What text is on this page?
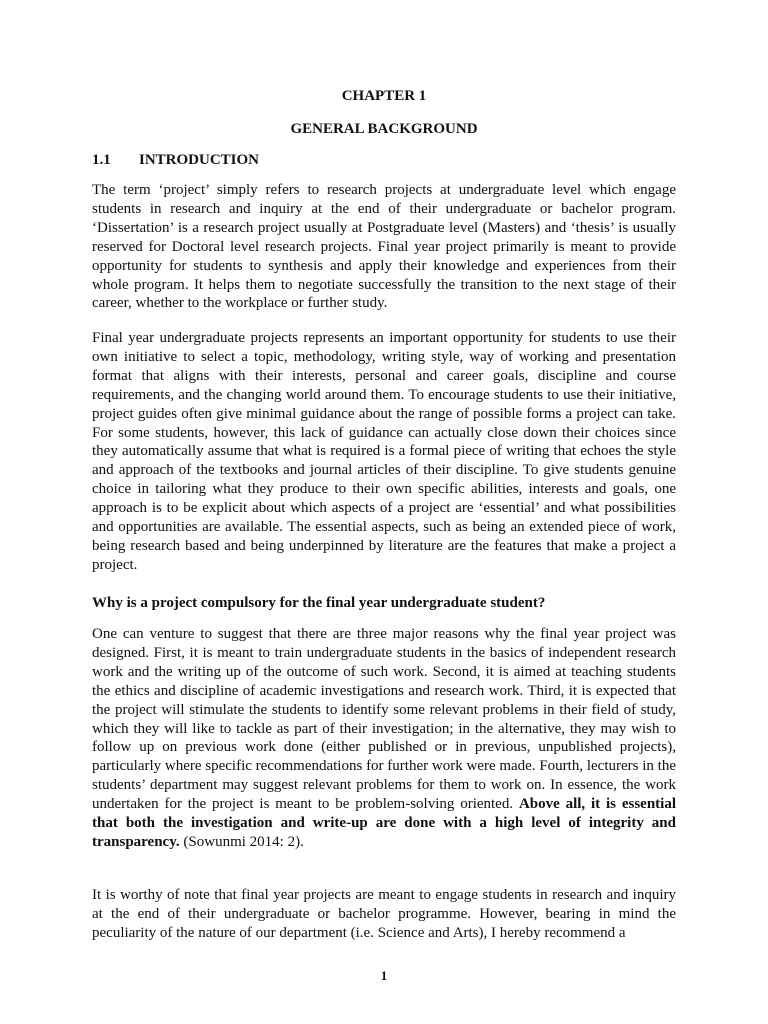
CHAPTER 1
GENERAL BACKGROUND
1.1 INTRODUCTION

The term ‘project’ simply refers to research projects at undergraduate level which engage students in research and inquiry at the end of their undergraduate or bachelor program. ‘Dissertation’ is a research project usually at Postgraduate level (Masters) and ‘thesis’ is usually reserved for Doctoral level research projects. Final year project primarily is meant to provide opportunity for students to synthesis and apply their knowledge and experiences from their whole program. It helps them to negotiate successfully the transition to the next stage of their career, whether to the workplace or further study.

Final year undergraduate projects represents an important opportunity for students to use their own initiative to select a topic, methodology, writing style, way of working and presentation format that aligns with their interests, personal and career goals, discipline and course requirements, and the changing world around them. To encourage students to use their initiative, project guides often give minimal guidance about the range of possible forms a project can take. For some students, however, this lack of guidance can actually close down their choices since they automatically assume that what is required is a formal piece of writing that echoes the style and approach of the textbooks and journal articles of their discipline. To give students genuine choice in tailoring what they produce to their own specific abilities, interests and goals, one approach is to be explicit about which aspects of a project are ‘essential’ and what possibilities and opportunities are available. The essential aspects, such as being an extended piece of work, being research based and being underpinned by literature are the features that make a project a project.

Why is a project compulsory for the final year undergraduate student?

One can venture to suggest that there are three major reasons why the final year project was designed. First, it is meant to train undergraduate students in the basics of independent research work and the writing up of the outcome of such work. Second, it is aimed at teaching students the ethics and discipline of academic investigations and research work. Third, it is expected that the project will stimulate the students to identify some relevant problems in their field of study, which they will like to tackle as part of their investigation; in the alternative, they may wish to follow up on previous work done (either published or in previous, unpublished projects), particularly where specific recommendations for further work were made. Fourth, lecturers in the students’ department may suggest relevant problems for them to work on. In essence, the work undertaken for the project is meant to be problem-solving oriented. Above all, it is essential that both the investigation and write-up are done with a high level of integrity and transparency. (Sowunmi 2014: 2).

It is worthy of note that final year projects are meant to engage students in research and inquiry at the end of their undergraduate or bachelor programme. However, bearing in mind the peculiarity of the nature of our department (i.e. Science and Arts), I hereby recommend a

1
